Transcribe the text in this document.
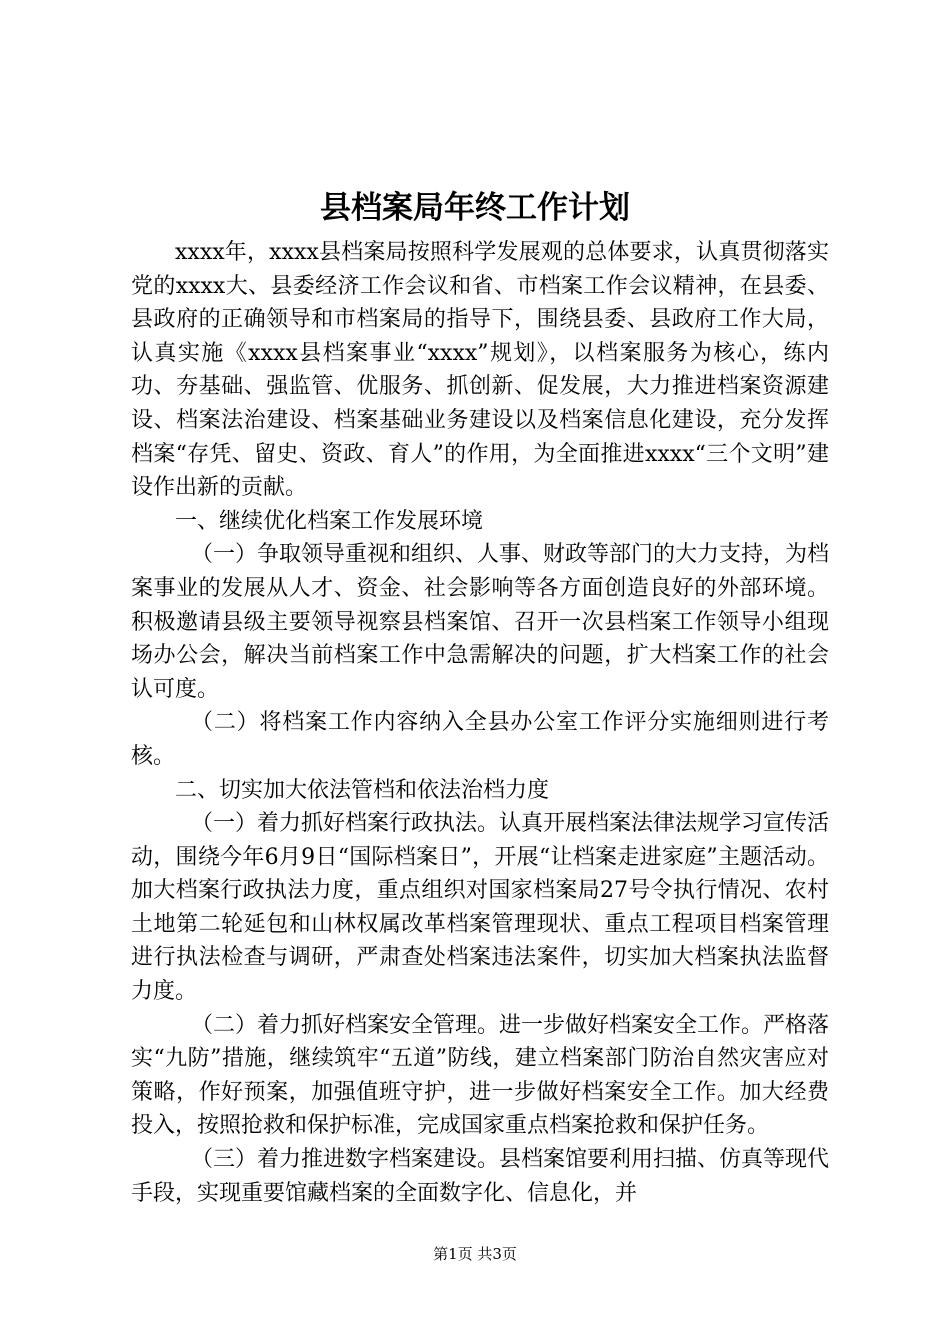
县档案局年终工作计划

xxxx年，xxxx县档案局按照科学发展观的总体要求，认真贯彻落实党的xxxx大、县委经济工作会议和省、市档案工作会议精神，在县委、县政府的正确领导和市档案局的指导下，围绕县委、县政府工作大局，认真实施《xxxx县档案事业“xxxx”规划》，以档案服务为核心，练内功、夯基础、强监管、优服务、抓创新、促发展，大力推进档案资源建设、档案法治建设、档案基础业务建设以及档案信息化建设，充分发挥档案“存凭、留史、资政、育人”的作用，为全面推进xxxx“三个文明”建设作出新的贡献。

一、继续优化档案工作发展环境

（一）争取领导重视和组织、人事、财政等部门的大力支持，为档案事业的发展从人才、资金、社会影响等各方面创造良好的外部环境。积极邀请县级主要领导视察县档案馆、召开一次县档案工作领导小组现场办公会，解决当前档案工作中急需解决的问题，扩大档案工作的社会认可度。

（二）将档案工作内容纳入全县办公室工作评分实施细则进行考核。

二、切实加大依法管档和依法治档力度

（一）着力抓好档案行政执法。认真开展档案法律法规学习宣传活动，围绕今年6月9日“国际档案日”，开展“让档案走进家庭”主题活动。加大档案行政执法力度，重点组织对国家档案局27号令执行情况、农村土地第二轮延包和山林权属改革档案管理现状、重点工程项目档案管理进行执法检查与调研，严肃查处档案违法案件，切实加大档案执法监督力度。

（二）着力抓好档案安全管理。进一步做好档案安全工作。严格落实“九防”措施，继续筑牢“五道”防线，建立档案部门防治自然灾害应对策略，作好预案，加强值班守护，进一步做好档案安全工作。加大经费投入，按照抢救和保护标准，完成国家重点档案抢救和保护任务。

（三）着力推进数字档案建设。县档案馆要利用扫描、仿真等现代手段，实现重要馆藏档案的全面数字化、信息化，并

第1页 共3页
